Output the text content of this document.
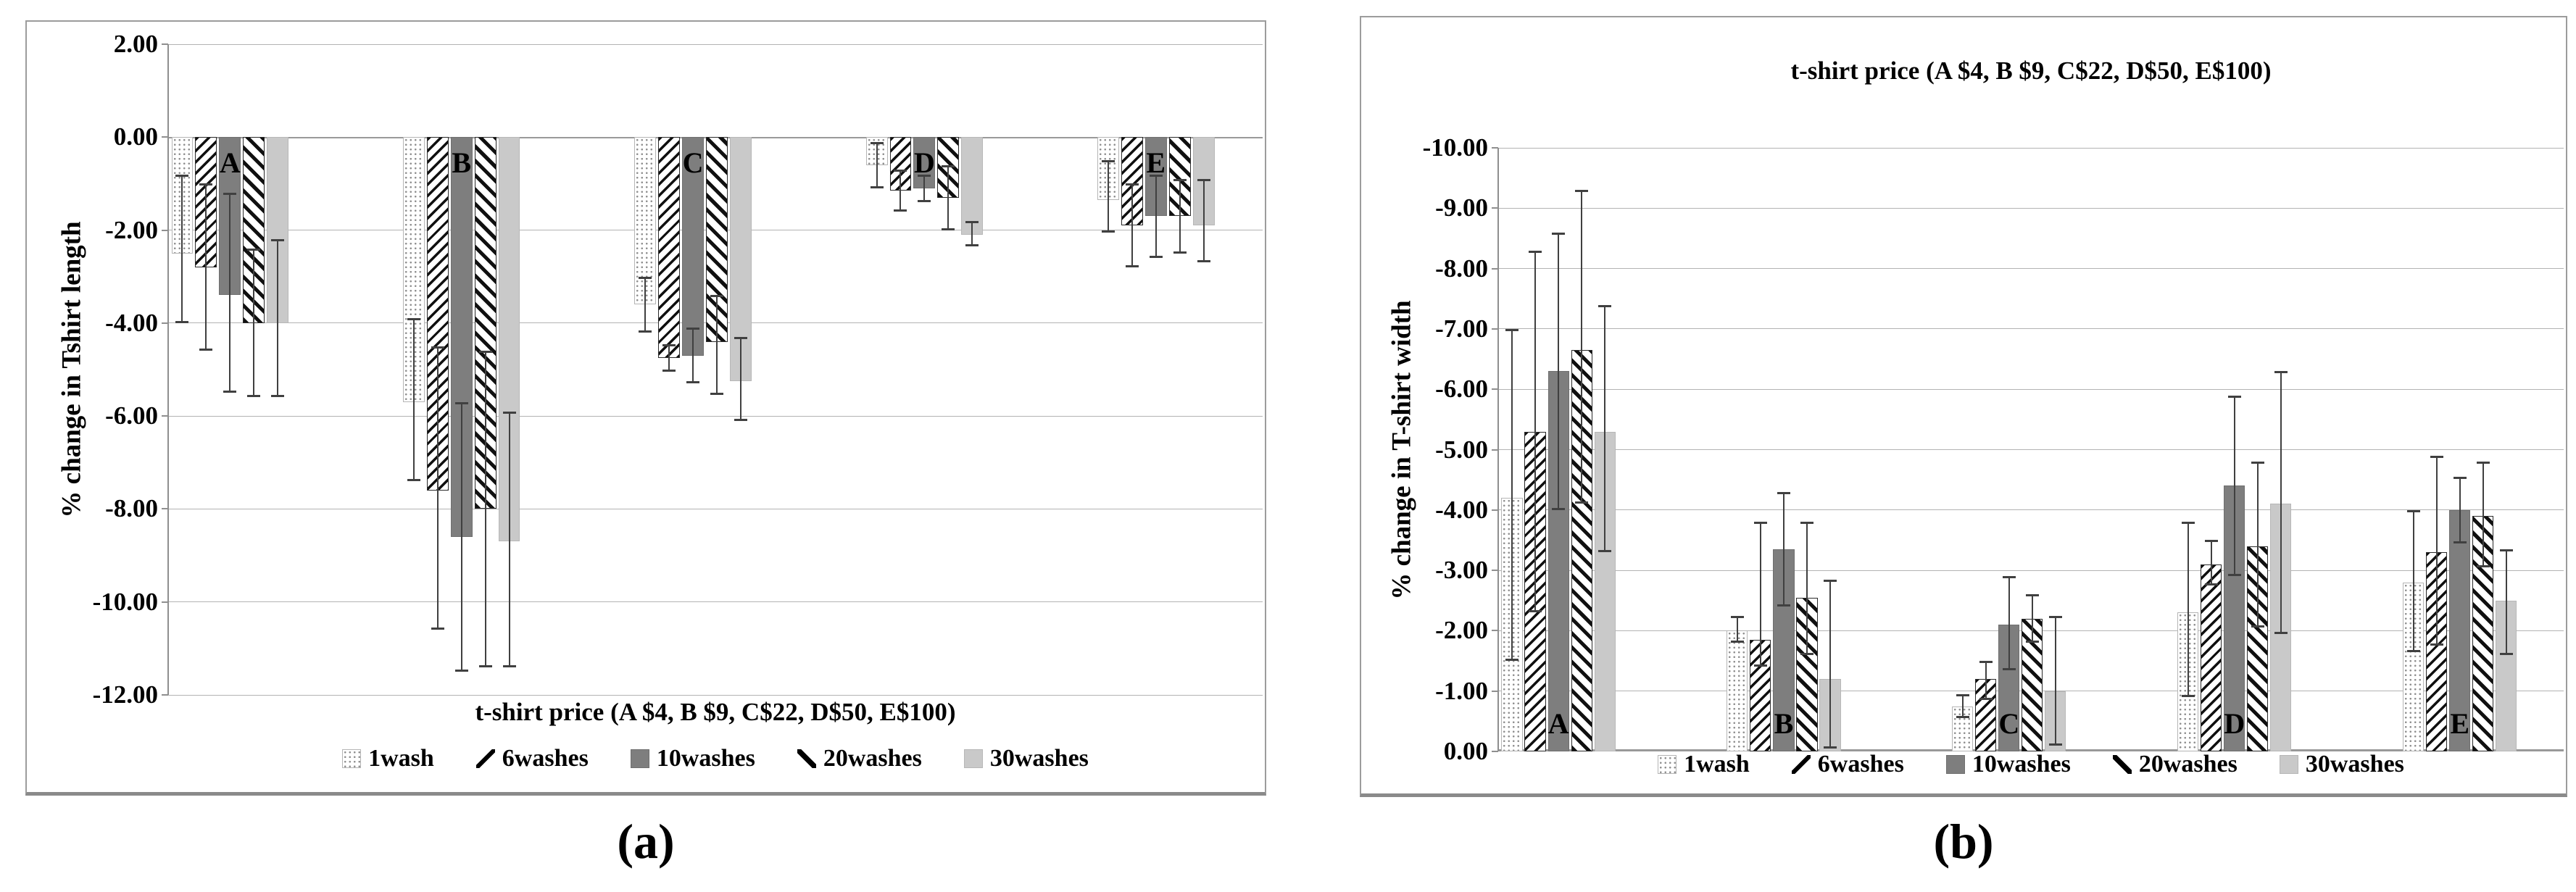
% change in Tshirt length
2.00
0.00
-2.00
-4.00
-6.00
-8.00
-10.00
-12.00
A	B	C	D	E
t-shirt price (A $4, B $9, C$22, D$50, E$100)
1wash	6washes	10washes	20washes	30washes
t-shirt price (A $4, B $9, C$22, D$50, E$100)
% change in T-shirt width
-10.00
-9.00
-8.00
-7.00
-6.00
-5.00
-4.00
-3.00
-2.00
-1.00
0.00
A	B	C	D	E
1wash	6washes	10washes	20washes	30washes
(a)	(b)
